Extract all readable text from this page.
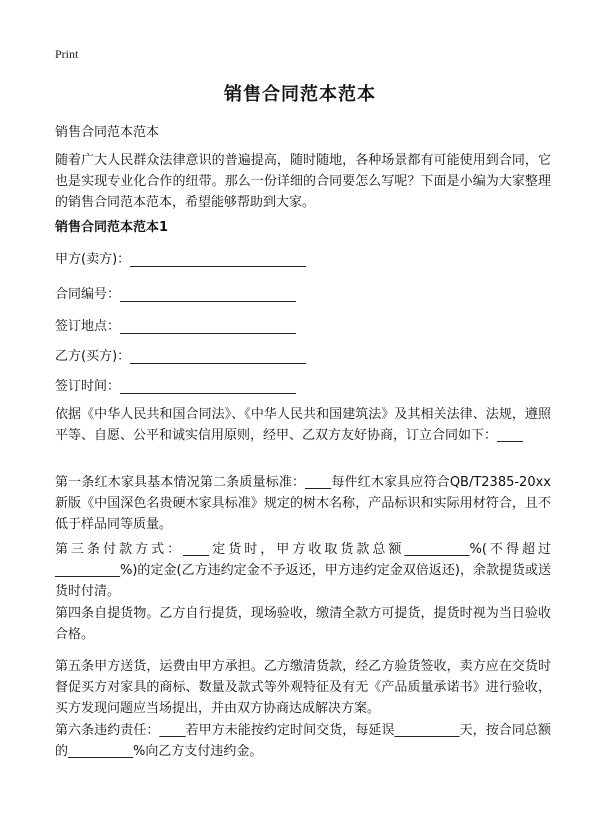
Print
销售合同范本范本
销售合同范本范本
随着广大人民群众法律意识的普遍提高，随时随地，各种场景都有可能使用到合同，它也是实现专业化合作的纽带。那么一份详细的合同要怎么写呢？下面是小编为大家整理的销售合同范本范本，希望能够帮助到大家。
销售合同范本范本1
甲方(卖方)：
合同编号：
签订地点：
乙方(买方)：
签订时间：
依据《中华人民共和国合同法》、《中华人民共和国建筑法》及其相关法律、法规，遵照平等、自愿、公平和诚实信用原则，经甲、乙双方友好协商，订立合同如下：____
第一条红木家具基本情况第二条质量标准：____每件红木家具应符合QB/T2385-20xx新版《中国深色名贵硬木家具标准》规定的树木名称，产品标识和实际用材符合，且不低于样品同等质量。
第三条付款方式：____定货时，甲方收取货款总额__________%(不得超过__________%)的定金(乙方违约定金不予返还，甲方违约定金双倍返还)，余款提货或送货时付清。
第四条自提货物。乙方自行提货，现场验收，缴清全款方可提货，提货时视为当日验收合格。
第五条甲方送货，运费由甲方承担。乙方缴清货款，经乙方验货签收，卖方应在交货时督促买方对家具的商标、数量及款式等外观特征及有无《产品质量承诺书》进行验收，买方发现问题应当场提出，并由双方协商达成解决方案。
第六条违约责任：____若甲方未能按约定时间交货，每延误__________天，按合同总额的__________%向乙方支付违约金。
